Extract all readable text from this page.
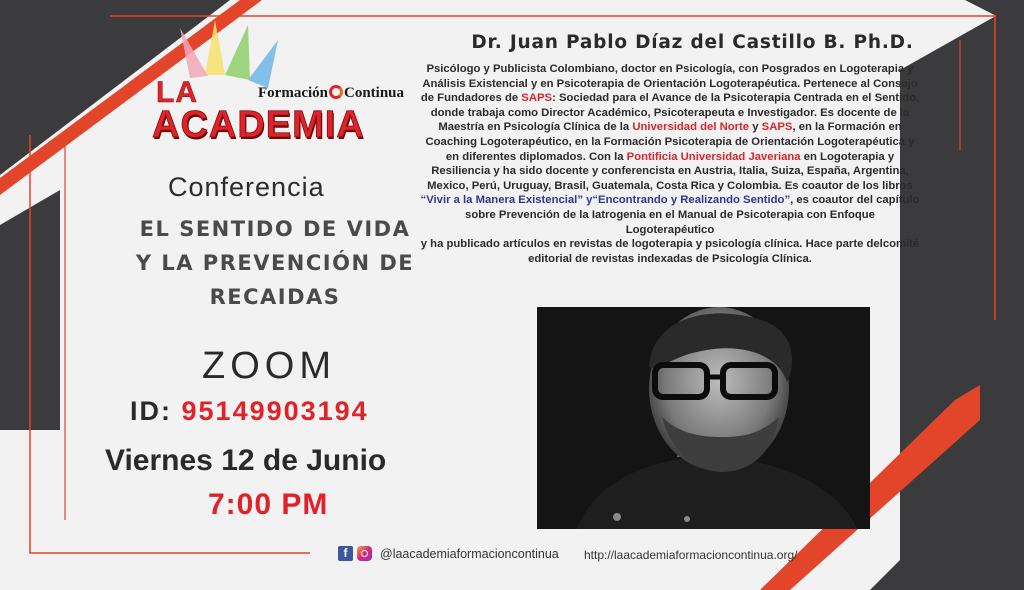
LA	Formación Continua
ACADEMIA
Conferencia
EL SENTIDO DE VIDA
Y LA PREVENCIÓN DE
RECAIDAS
ZOOM
ID: 95149903194
Viernes 12 de Junio
7:00 PM
Dr. Juan Pablo Díaz del Castillo B. Ph.D.
Psicólogo y Publicista Colombiano, doctor en Psicología, con Posgrados en Logoterapia y Análisis Existencial y en Psicoterapia de Orientación Logoterapéutica. Pertenece al Consejo de Fundadores de SAPS: Sociedad para el Avance de la Psicoterapia Centrada en el Sentido, donde trabaja como Director Académico, Psicoterapeuta e Investigador. Es docente de la Maestría en Psicología Clínica de la Universidad del Norte y SAPS, en la Formación en Coaching Logoterapéutico, en la Formación Psicoterapia de Orientación Logoterapéutica y en diferentes diplomados. Con la Pontificia Universidad Javeriana en Logoterapia y Resiliencia y ha sido docente y conferencista en Austria, Italia, Suiza, España, Argentina, Mexico, Perú, Uruguay, Brasil, Guatemala, Costa Rica y Colombia. Es coautor de los libros
“Vivir a la Manera Existencial” y“Encontrando y Realizando Sentido”, es coautor del capítulo sobre Prevención de la Iatrogenia en el Manual de Psicoterapia con Enfoque Logoterapéutico
y ha publicado artículos en revistas de logoterapia y psicología clínica. Hace parte delcomité editorial de revistas indexadas de Psicología Clínica.
f	@laacademiaformacioncontinua http://laacademiaformacioncontinua.org/
